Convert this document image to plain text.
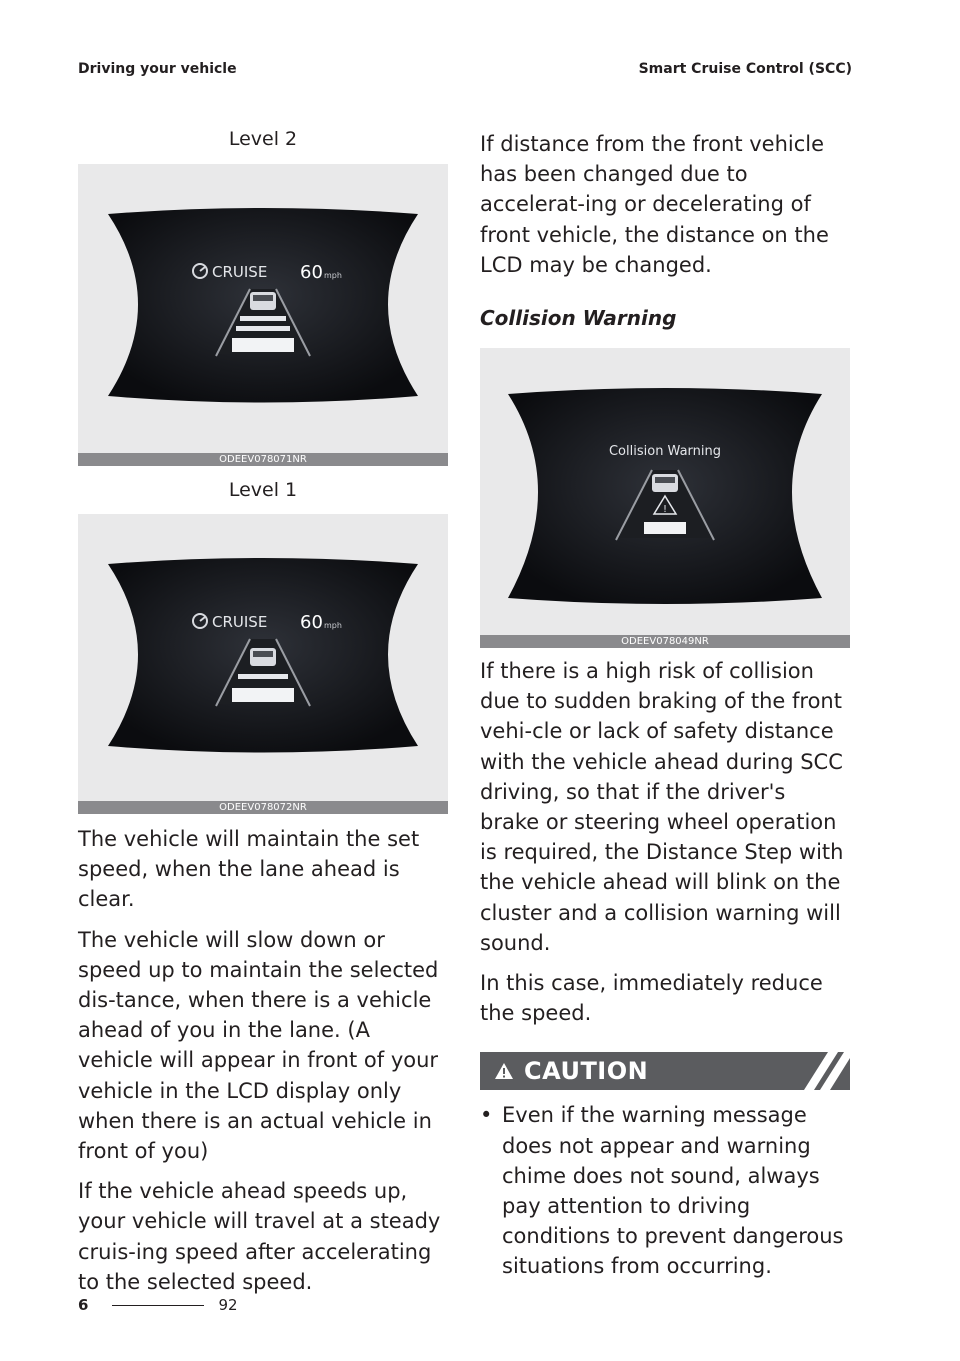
Driving your vehicle	Smart Cruise Control (SCC)

Level 2

CRUISE 60 mph
ODEEV078071NR

Level 1

CRUISE 60 mph
ODEEV078072NR

The vehicle will maintain the set speed, when the lane ahead is clear.

The vehicle will slow down or speed up to maintain the selected dis-tance, when there is a vehicle ahead of you in the lane. (A vehicle will appear in front of your vehicle in the LCD display only when there is an actual vehicle in front of you)

If the vehicle ahead speeds up, your vehicle will travel at a steady cruis-ing speed after accelerating to the selected speed.

If distance from the front vehicle has been changed due to accelerat-ing or decelerating of front vehicle, the distance on the LCD may be changed.

Collision Warning

Collision Warning
!
ODEEV078049NR

If there is a high risk of collision due to sudden braking of the front vehi-cle or lack of safety distance with the vehicle ahead during SCC driving, so that if the driver's brake or steering wheel operation is required, the Distance Step with the vehicle ahead will blink on the cluster and a collision warning will sound.

In this case, immediately reduce the speed.

CAUTION
• Even if the warning message does not appear and warning chime does not sound, always pay attention to driving conditions to prevent dangerous situations from occurring.
6	92
